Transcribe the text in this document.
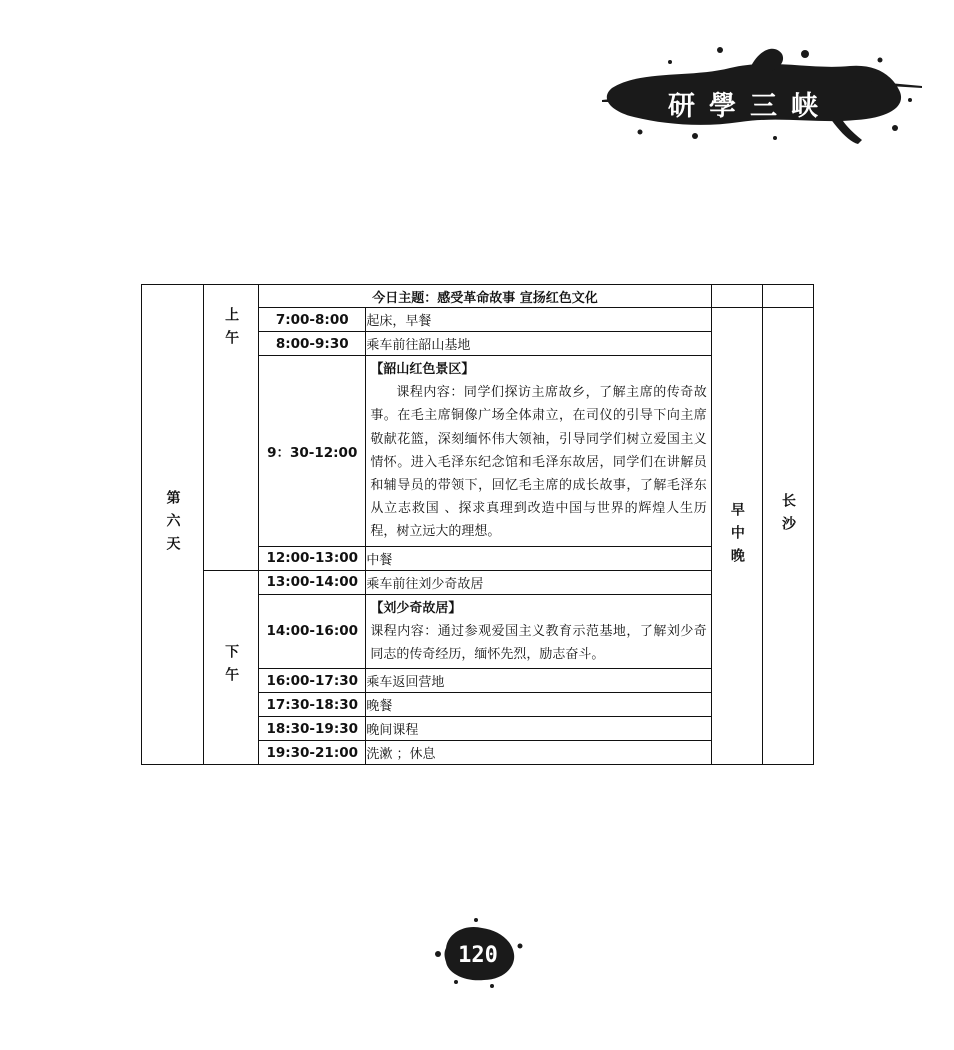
研學三峡
第六天	上午	今日主题：感受革命故事 宣扬红色文化			
		7:00-8:00	起床，早餐	早中晚	长沙

		8:00-9:30	乘车前往韶山基地		
		9：30-12:00	【韶山红色景区】
课程内容：同学们探访主席故乡，了解主席的传奇故事。在毛主席铜像广场全体肃立，在司仪的引导下向主席敬献花篮，深刻缅怀伟大领袖，引导同学们树立爱国主义情怀。进入毛泽东纪念馆和毛泽东故居，同学们在讲解员和辅导员的带领下，回忆毛主席的成长故事，了解毛泽东从立志救国 、探求真理到改造中国与世界的辉煌人生历程，树立远大的理想。		

		12:00-13:00	中餐		

	下午	13:00-14:00	乘车前往刘少奇故居		
		14:00-16:00	【刘少奇故居】
课程内容：通过参观爱国主义教育示范基地，了解刘少奇同志的传奇经历，缅怀先烈，励志奋斗。		

		16:00-17:30	乘车返回营地		
		17:30-18:30	晚餐		
		18:30-19:30	晚间课程		
		19:30-21:00	洗漱 ；休息		
120
